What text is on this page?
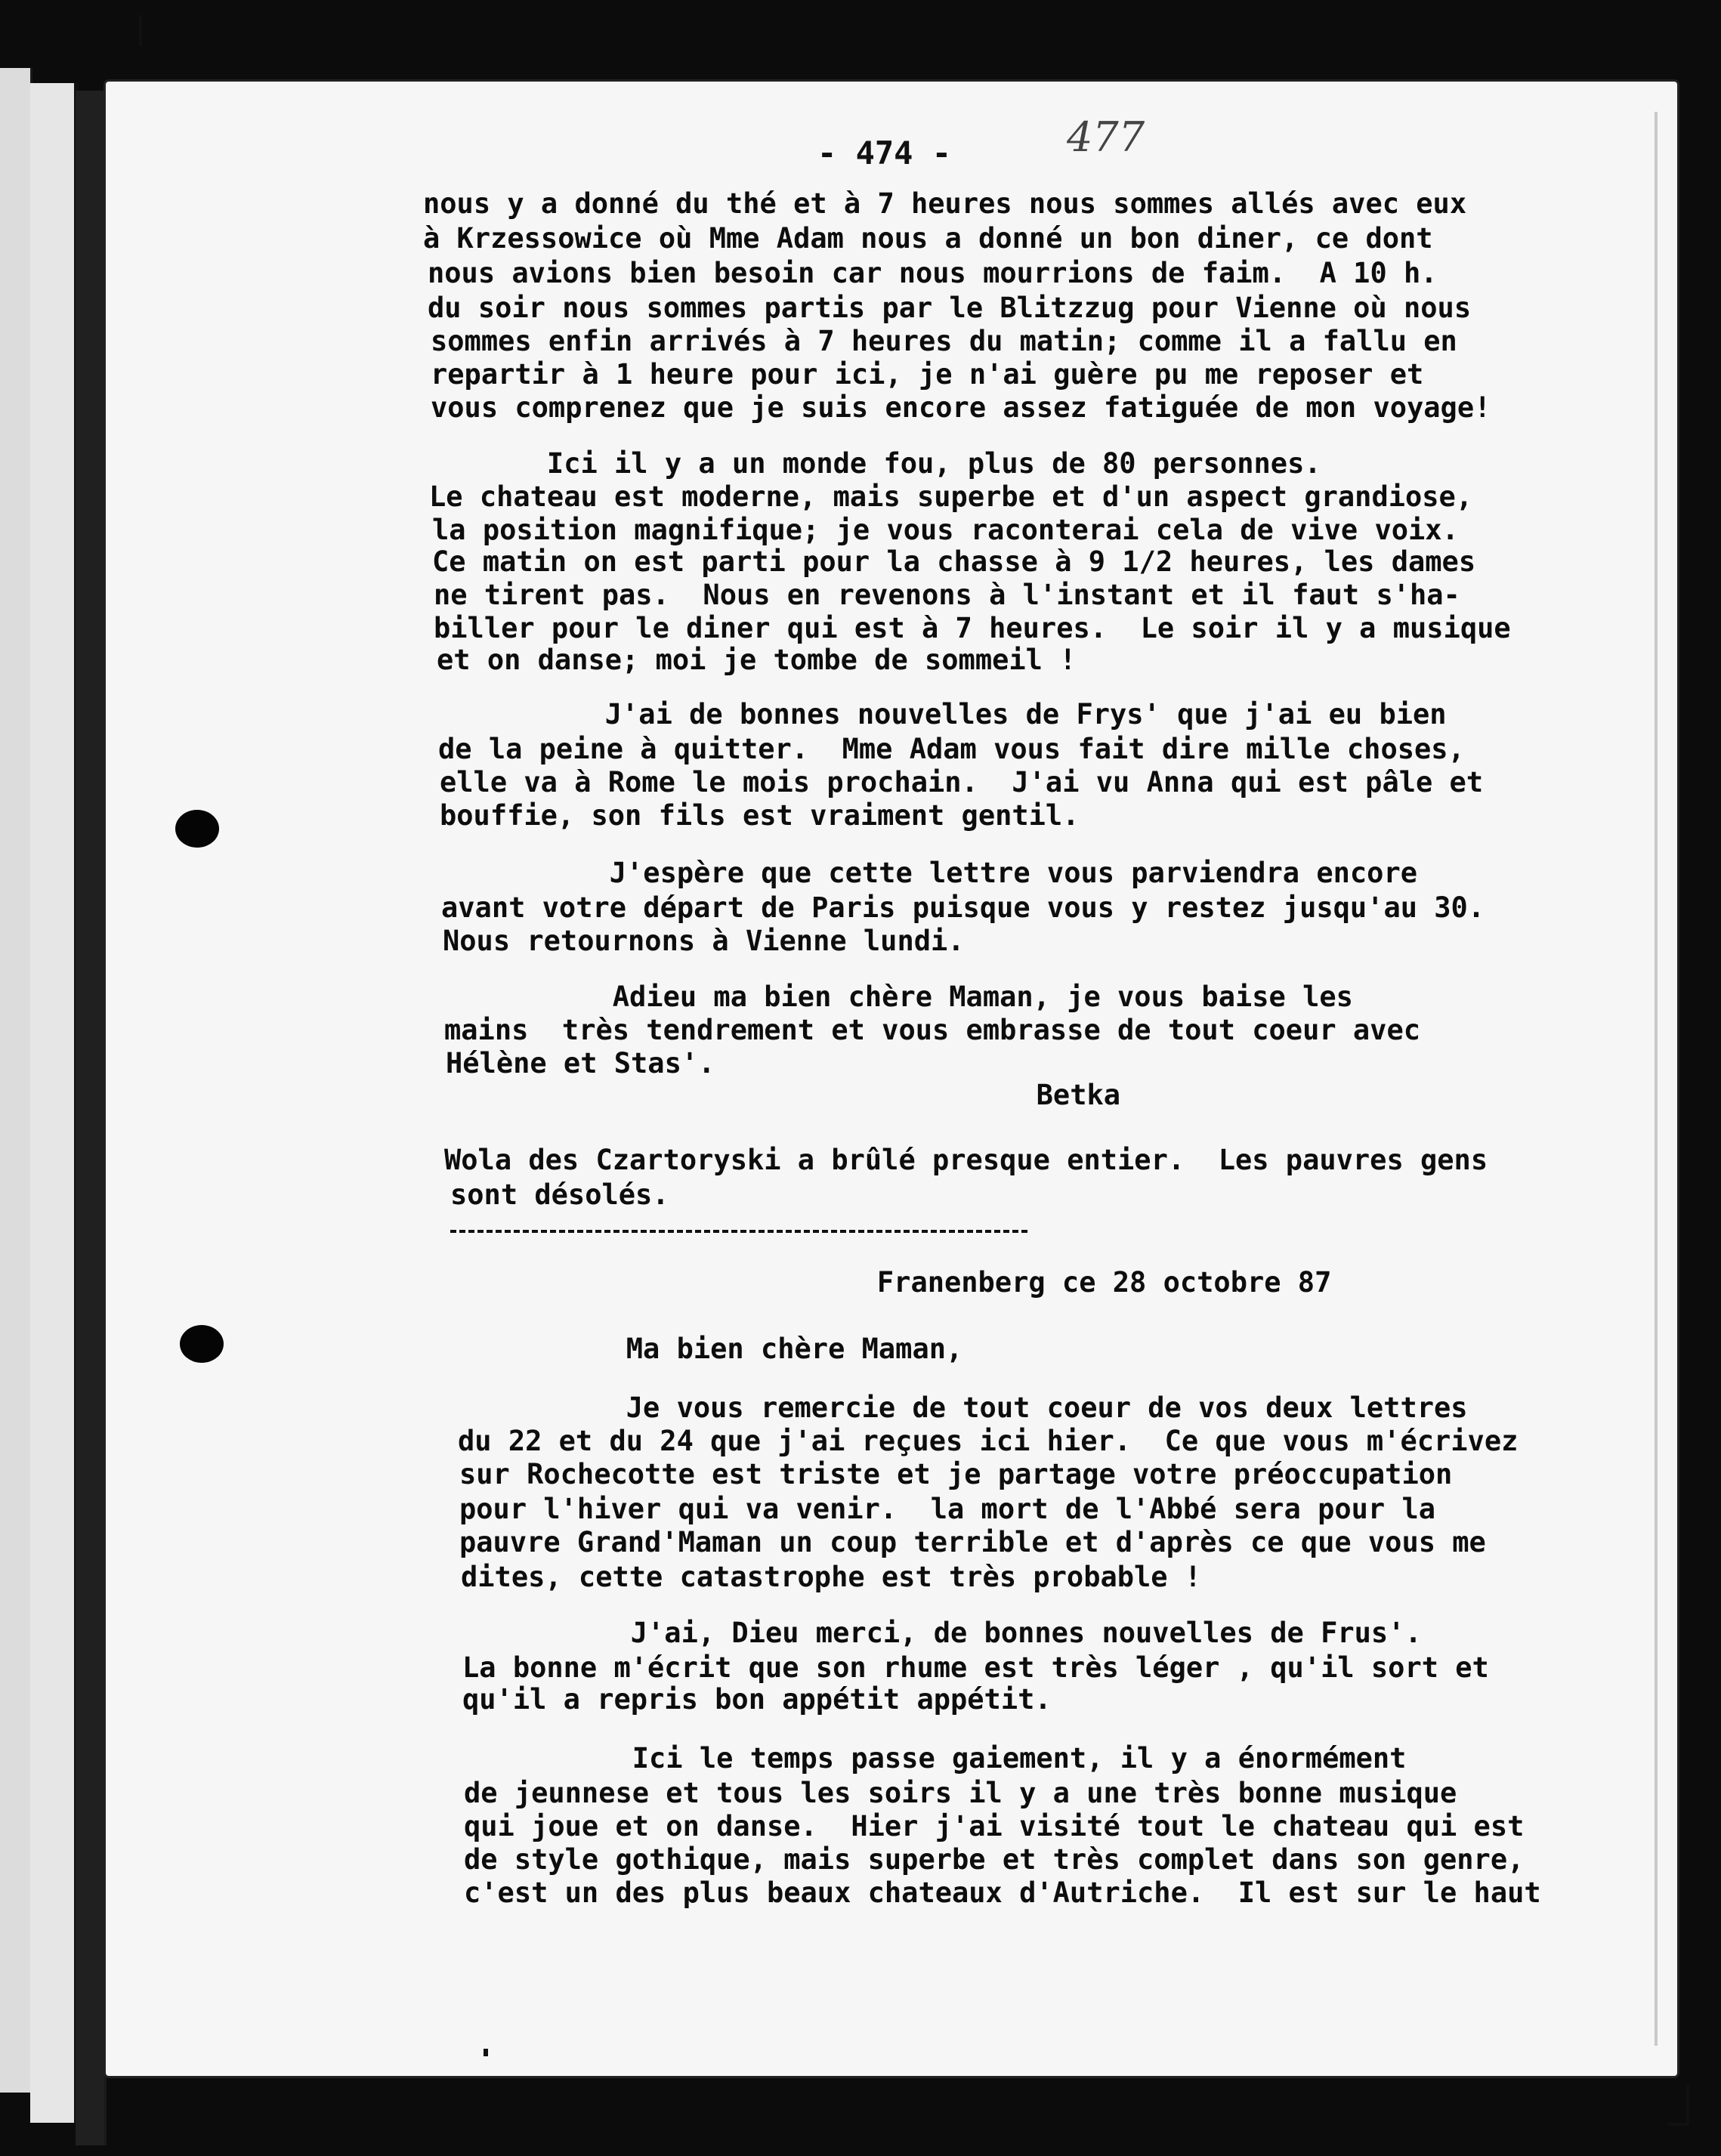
- 474 -	477

nous y a donné du thé et à 7 heures nous sommes allés avec eux

à Krzessowice où Mme Adam nous a donné un bon diner, ce dont

nous avions bien besoin car nous mourrions de faim.  A 10 h.

du soir nous sommes partis par le Blitzzug pour Vienne où nous

sommes enfin arrivés à 7 heures du matin; comme il a fallu en

repartir à 1 heure pour ici, je n'ai guère pu me reposer et

vous comprenez que je suis encore assez fatiguée de mon voyage!

Ici il y a un monde fou, plus de 80 personnes.

Le chateau est moderne, mais superbe et d'un aspect grandiose,

la position magnifique; je vous raconterai cela de vive voix.

Ce matin on est parti pour la chasse à 9 1/2 heures, les dames

ne tirent pas.  Nous en revenons à l'instant et il faut s'ha-

biller pour le diner qui est à 7 heures.  Le soir il y a musique

et on danse; moi je tombe de sommeil !

J'ai de bonnes nouvelles de Frys' que j'ai eu bien

de la peine à quitter.  Mme Adam vous fait dire mille choses,

elle va à Rome le mois prochain.  J'ai vu Anna qui est pâle et

bouffie, son fils est vraiment gentil.

J'espère que cette lettre vous parviendra encore

avant votre départ de Paris puisque vous y restez jusqu'au 30.

Nous retournons à Vienne lundi.

Adieu ma bien chère Maman, je vous baise les

mains  très tendrement et vous embrasse de tout coeur avec

Hélène et Stas'.

Betka

Wola des Czartoryski a brûlé presque entier.  Les pauvres gens

sont désolés.

Franenberg ce 28 octobre 87

Ma bien chère Maman,

Je vous remercie de tout coeur de vos deux lettres

du 22 et du 24 que j'ai reçues ici hier.  Ce que vous m'écrivez

sur Rochecotte est triste et je partage votre préoccupation

pour l'hiver qui va venir.  la mort de l'Abbé sera pour la

pauvre Grand'Maman un coup terrible et d'après ce que vous me

dites, cette catastrophe est très probable !

J'ai, Dieu merci, de bonnes nouvelles de Frus'.

La bonne m'écrit que son rhume est très léger , qu'il sort et

qu'il a repris bon appétit appétit.

Ici le temps passe gaiement, il y a énormément

de jeunnese et tous les soirs il y a une très bonne musique

qui joue et on danse.  Hier j'ai visité tout le chateau qui est

de style gothique, mais superbe et très complet dans son genre,

c'est un des plus beaux chateaux d'Autriche.  Il est sur le haut
